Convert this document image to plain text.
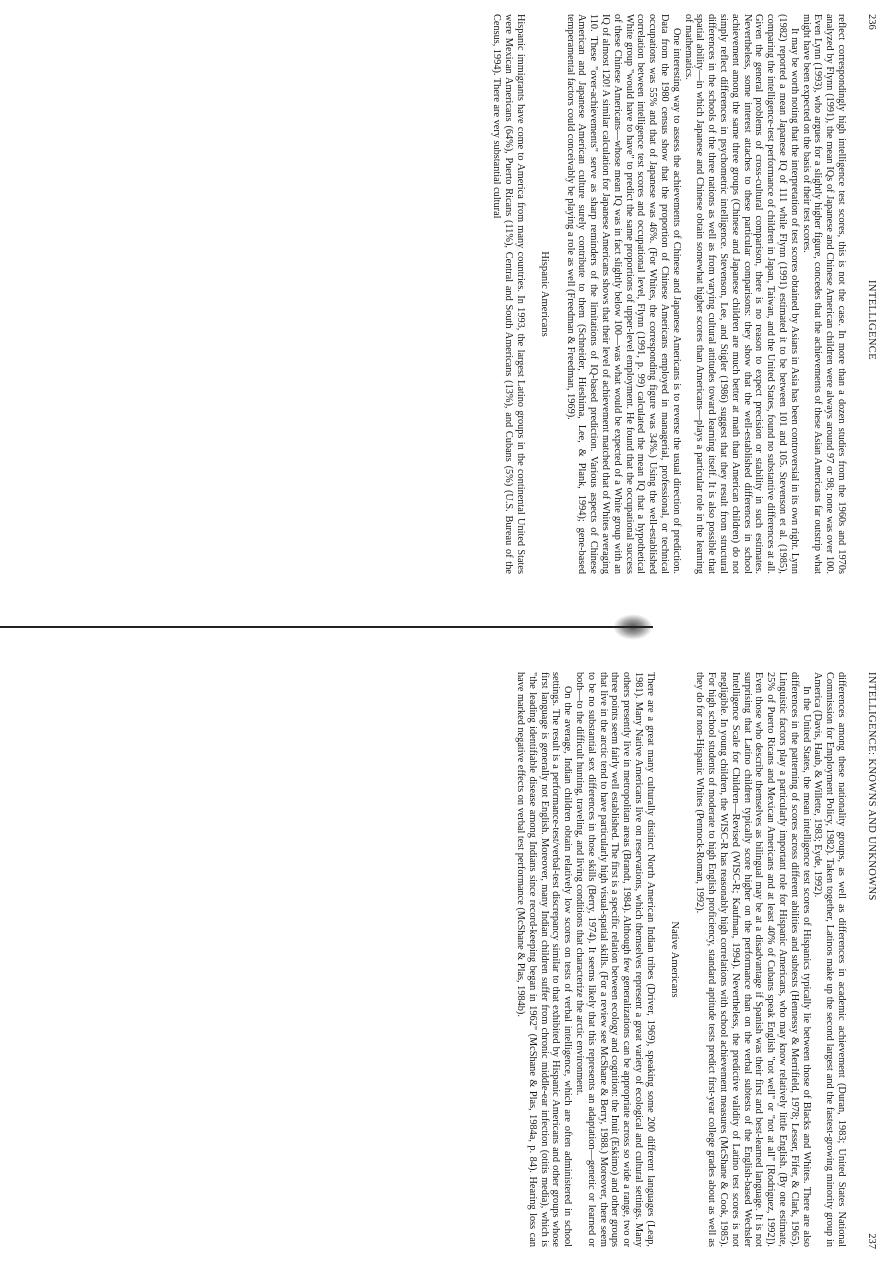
236
INTELLIGENCE

reflect correspondingly high intelligence test scores, this is not the case. In more than a dozen studies from the 1960s and 1970s analyzed by Flynn (1991), the mean IQs of Japanese and Chinese American children were always around 97 or 98; none was over 100. Even Lynn (1993), who argues for a slightly higher figure, concedes that the achievements of these Asian Americans far outstrip what might have been expected on the basis of their test scores.

It may be worth noting that the interpretation of test scores obtained by Asians in Asia has been controversial in its own right. Lynn (1982) reported a mean Japanese IQ of 111 while Flynn (1991) estimated it to be between 101 and 105. Stevenson et al. (1985), comparing the intelligence-test performance of children in Japan, Taiwan, and the United States, found no substantive differences at all. Given the general problems of cross-cultural comparison, there is no reason to expect precision or stability in such estimates. Nevertheless, some interest attaches to these particular comparisons: they show that the well-established differences in school achievement among the same three groups (Chinese and Japanese children are much better at math than American children) do not simply reflect differences in psychometric intelligence. Stevenson, Lee, and Stigler (1986) suggest that they result from structural differences in the schools of the three nations as well as from varying cultural attitudes toward learning itself. It is also possible that spatial ability—in which Japanese and Chinese obtain somewhat higher scores than Americans—plays a particular role in the learning of mathematics.

One interesting way to assess the achievements of Chinese and Japanese Americans is to reverse the usual direction of prediction. Data from the 1980 census show that the proportion of Chinese Americans employed in managerial, professional, or technical occupations was 55% and that of Japanese was 46%. (For Whites, the corresponding figure was 34%.) Using the well-established correlation between intelligence test scores and occupational level, Flynn (1991, p. 99) calculated the mean IQ that a hypothetical White group "would have to have" to predict the same proportions of upper-level employment. He found that the occupational success of these Chinese Americans—whose mean IQ was in fact slightly below 100—was what would be expected of a White group with an IQ of almost 120! A similar calculation for Japanese Americans shows that their level of achievement matched that of Whites averaging 110. These "over-achievements" serve as sharp reminders of the limitations of IQ-based prediction. Various aspects of Chinese American and Japanese American culture surely contribute to them (Schneider, Hieshima, Lee, & Plank, 1994); gene-based temperamental factors could conceivably be playing a role as well (Freedman & Freedman, 1969).

Hispanic Americans

Hispanic immigrants have come to America from many countries. In 1993, the largest Latino groups in the continental United States were Mexican Americans (64%), Puerto Ricans (11%), Central and South Americans (13%), and Cubans (5%) (U.S. Bureau of the Census, 1994). There are very substantial cultural

INTELLIGENCE: KNOWNS AND UNKNOWNS
237

differences among these nationality groups, as well as differences in academic achievement (Duran, 1983; United States National Commission for Employment Policy, 1982). Taken together, Latinos make up the second largest and the fastest-growing minority group in America (Davis, Haub, & Willette, 1983; Eyde, 1992).

In the United States, the mean intelligence test scores of Hispanics typically lie between those of Blacks and Whites. There are also differences in the patterning of scores across different abilities and subtests (Hennessy & Merrifield, 1978; Lesser, Fifer, & Clark, 1965). Linguistic factors play a particularly important role for Hispanic Americans, who may know relatively little English. (By one estimate, 25% of Puerto Ricans and Mexican Americans and at least 40% of Cubans speak English "not well" or "not at all" [Rodriguez, 1992]). Even those who describe themselves as bilingual may be at a disadvantage if Spanish was their first and best-learned language. It is not surprising that Latino children typically score higher on the performance than on the verbal subtests of the English-based Wechsler Intelligence Scale for Children—Revised (WISC-R; Kaufman, 1994). Nevertheless, the predictive validity of Latino test scores is not negligible. In young children, the WISC-R has reasonably high correlations with school achievement measures (McShane & Cook, 1985). For high school students of moderate to high English proficiency, standard aptitude tests predict first-year college grades about as well as they do for non-Hispanic Whites (Pennock-Roman, 1992).

Native Americans

There are a great many culturally distinct North American Indian tribes (Driver, 1969), speaking some 200 different languages (Leap, 1981). Many Native Americans live on reservations, which themselves represent a great variety of ecological and cultural settings. Many others presently live in metropolitan areas (Brandt, 1984). Although few generalizations can be appropriate across so wide a range, two or three points seem fairly well established. The first is a specific relation between ecology and cognition: the Inuit (Eskimo) and other groups that live in the arctic tend to have particularly high visual-spatial skills. (For a review see McShane & Berry, 1988.) Moreover, there seem to be no substantial sex differences in those skills (Berry, 1974). It seems likely that this represents an adaptation—genetic or learned or both—to the difficult hunting, traveling, and living conditions that characterize the arctic environment.

On the average, Indian children obtain relatively low scores on tests of verbal intelligence, which are often administered in school settings. The result is a performance-test/verbal-test discrepancy similar to that exhibited by Hispanic Americans and other groups whose first language is generally not English. Moreover, many Indian children suffer from chronic middle-ear infection (otitis media), which is "the leading identifiable disease among Indians since record-keeping began in 1962" (McShane & Plas, 1984a, p. 84). Hearing loss can have marked negative effects on verbal test performance (McShane & Plas, 1984b).
